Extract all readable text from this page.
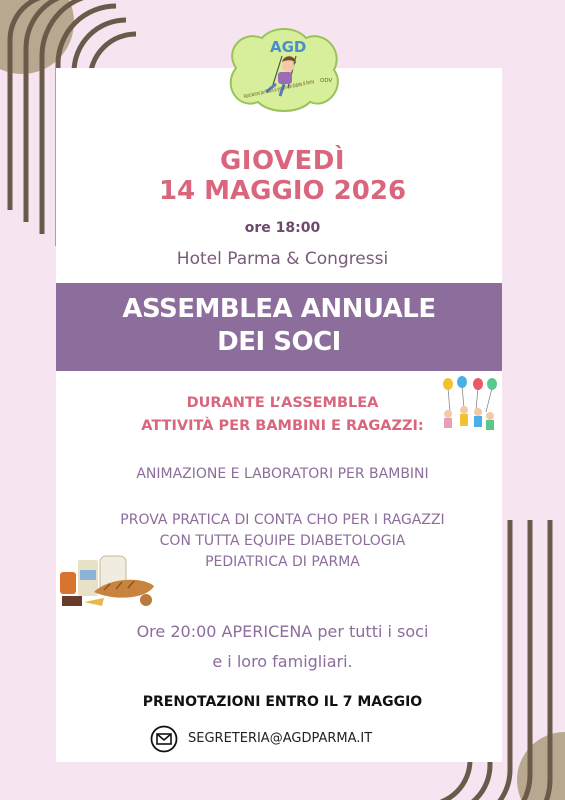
AGD
ODV

GIOVEDÌ

14 MAGGIO 2026

ore 18:00

Hotel Parma & Congressi

ASSEMBLEA ANNUALE
DEI SOCI

DURANTE L’ASSEMBLEA

ATTIVITÀ PER BAMBINI E RAGAZZI:

ANIMAZIONE E LABORATORI PER BAMBINI

PROVA PRATICA DI CONTA CHO PER I RAGAZZI

CON TUTTA EQUIPE DIABETOLOGIA

PEDIATRICA DI PARMA

Ore 20:00 APERICENA per tutti i soci

e i loro famigliari.

PRENOTAZIONI ENTRO IL 7 MAGGIO

SEGRETERIA@AGDPARMA.IT
